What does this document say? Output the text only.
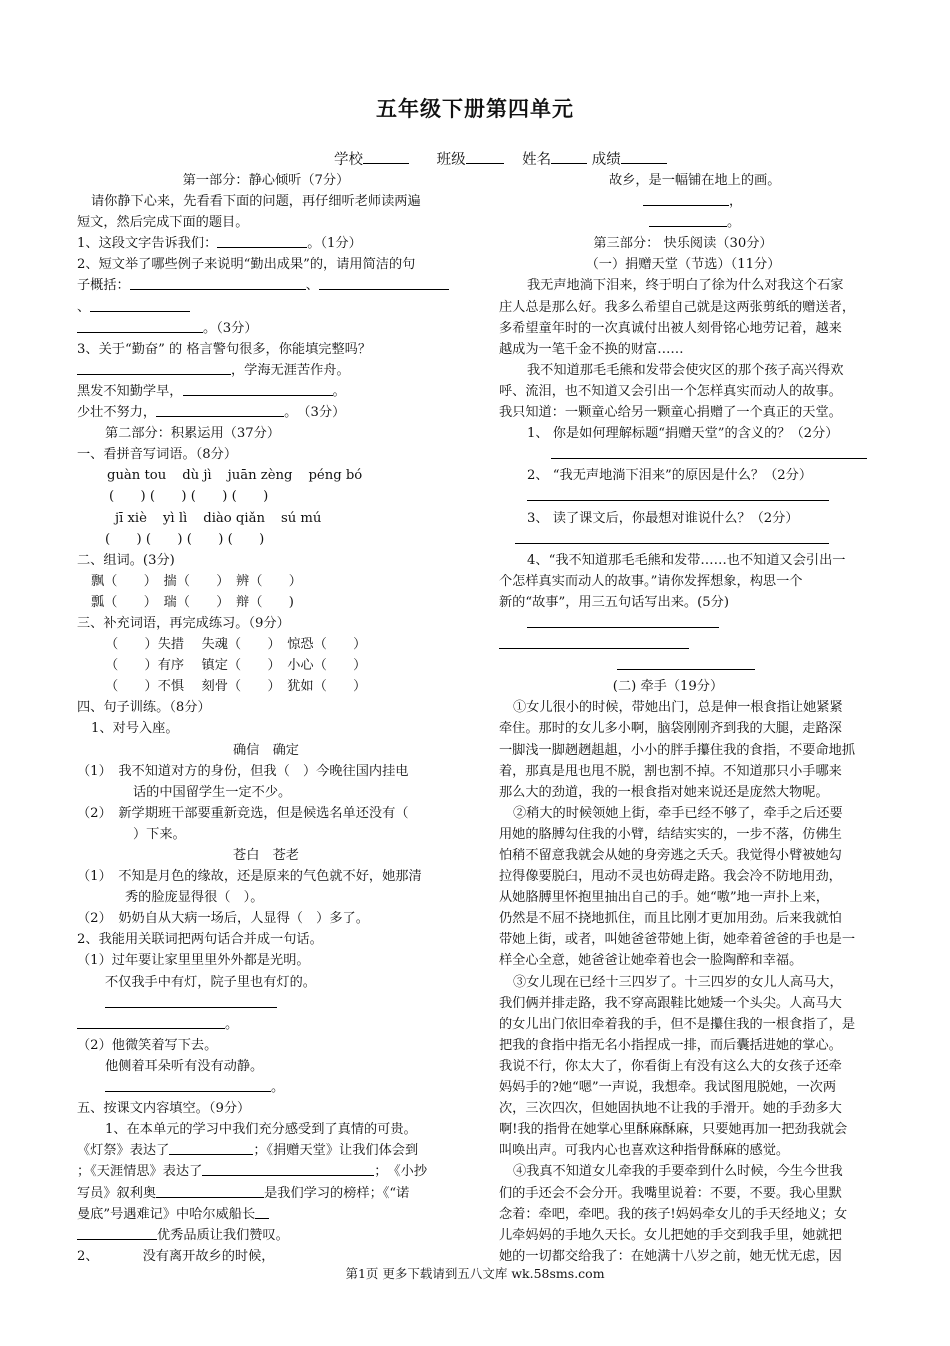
五年级下册第四单元
学校	班级	姓名	成绩
第一部分：静心倾听（7分）
请你静下心来，先看看下面的问题，再仔细听老师读两遍
短文，然后完成下面的题目。
1、这段文字告诉我们：	。（1分）
2、短文举了哪些例子来说明“勤出成果”的，请用简洁的句
子概括：	、
、
。（3分）
3、关于“勤奋” 的 格言警句很多，你能填完整吗？
，学海无涯苦作舟。
黑发不知勤学早，	。
少壮不努力，	。　（3分）
第二部分：积累运用（37分）
一、看拼音写词语。（8分）
guàn tou dù jì juān zèng péng bó
(　　) (　　) (　　) (　　)
jī xiè yì lì diào qiǎn sú mú
(　　) (　　) (　　) (　　)
二、组词。(3分)
飘（　　）　揣（　　）　辨（　　）
瓢（　　）　瑞（　　）　辩（　　)
三、补充词语，再完成练习。（9分）
（　　）失措　 失魂（　　）　惊恐（　　）
（　　）有序　 镇定（　　）　小心（　　）
（　　）不惧　 刻骨（　　）　犹如（　　）
四、句子训练。（8分）
1、对号入座。
确信　确定
（1）　我不知道对方的身份，但我（　）今晚往国内挂电
话的中国留学生一定不少。
（2）　新学期班干部要重新竞选，但是候选名单还没有（
）下来。
苍白　苍老
（1）　不知是月色的缘故，还是原来的气色就不好，她那清
秀的脸庞显得很（　）。
（2）　奶奶自从大病一场后，人显得（　）多了。
2、我能用关联词把两句话合并成一句话。
（1）过年要让家里里里外外都是光明。
不仅我手中有灯，院子里也有灯的。
。
（2）他微笑着写下去。
他侧着耳朵听有没有动静。
。
五、按课文内容填空。（9分）
1、在本单元的学习中我们充分感受到了真情的可贵。
《灯祭》表达了	；《捐赠天堂》让我们体会到
；《天涯情思》表达了	；　《小抄
写员》叙利奥	是我们学习的榜样；《“诺
曼底”号遇难记》中哈尔威船长
优秀品质让我们赞叹。
2、	没有离开故乡的时候，
故乡，是一幅铺在地上的画。
，
。
第三部分： 快乐阅读（30分）
（一）捐赠天堂（节选）（11分）
我无声地淌下泪来，终于明白了徐为什么对我这个石家
庄人总是那么好。我多么希望自己就是这两张剪纸的赠送者，
多希望童年时的一次真诚付出被人刻骨铭心地劳记着，越来
越成为一笔千金不换的财富……
我不知道那毛毛熊和发带会使灾区的那个孩子高兴得欢
呼、流泪，也不知道又会引出一个怎样真实而动人的故事。
我只知道：一颗童心给另一颗童心捐赠了一个真正的天堂。
1、 你是如何理解标题“捐赠天堂”的含义的？（2分）
2、 “我无声地淌下泪来”的原因是什么？（2分）
3、 读了课文后，你最想对谁说什么？（2分）
4、“我不知道那毛毛熊和发带……也不知道又会引出一
个怎样真实而动人的故事。”请你发挥想象，构思一个
新的“故事”，用三五句话写出来。(5分)
(二) 牵手（19分）
①女儿很小的时候，带她出门，总是伸一根食指让她紧紧
牵住。那时的女儿多小啊，脑袋刚刚齐到我的大腿，走路深
一脚浅一脚趔趔趄趄，小小的胖手攥住我的食指，不要命地抓
着，那真是甩也甩不脱，割也割不掉。不知道那只小手哪来
那么大的劲道，我的一根食指对她来说还是庞然大物呢。
②稍大的时候领她上街，牵手已经不够了，牵手之后还要
用她的胳膊勾住我的小臂，结结实实的，一步不落，仿佛生
怕稍不留意我就会从她的身旁逃之夭夭。我觉得小臂被她勾
拉得像要脱臼，甩动不灵也妨碍走路。我会冷不防地用劲，
从她胳膊里怀抱里抽出自己的手。她“嗷”地一声扑上来，
仍然是不屈不挠地抓住，而且比刚才更加用劲。后来我就怕
带她上街，或者，叫她爸爸带她上街，她牵着爸爸的手也是一
样全心全意，她爸爸让她牵着也会一脸陶醉和幸福。
③女儿现在已经十三四岁了。十三四岁的女儿人高马大，
我们俩并排走路，我不穿高跟鞋比她矮一个头尖。人高马大
的女儿出门依旧牵着我的手，但不是攥住我的一根食指了，是
把我的食指中指无名小指捏成一排，而后囊括进她的掌心。
我说不行，你太大了，你看街上有没有这么大的女孩子还牵
妈妈手的?她“嗯”一声说，我想牵。我试图甩脱她，一次两
次，三次四次，但她固执地不让我的手滑开。她的手劲多大
啊!我的指骨在她掌心里酥麻酥麻，只要她再加一把劲我就会
叫唤出声。可我内心也喜欢这种指骨酥麻的感觉。
④我真不知道女儿牵我的手要牵到什么时候，今生今世我
们的手还会不会分开。我嘴里说着：不要，不要。我心里默
念着：牵吧，牵吧。我的孩子!妈妈牵女儿的手天经地义；女
儿牵妈妈的手地久天长。女儿把她的手交到我手里，她就把
她的一切都交给我了：在她满十八岁之前，她无忧无虑，因
第1页 更多下载请到五八文库 wk.58sms.com
